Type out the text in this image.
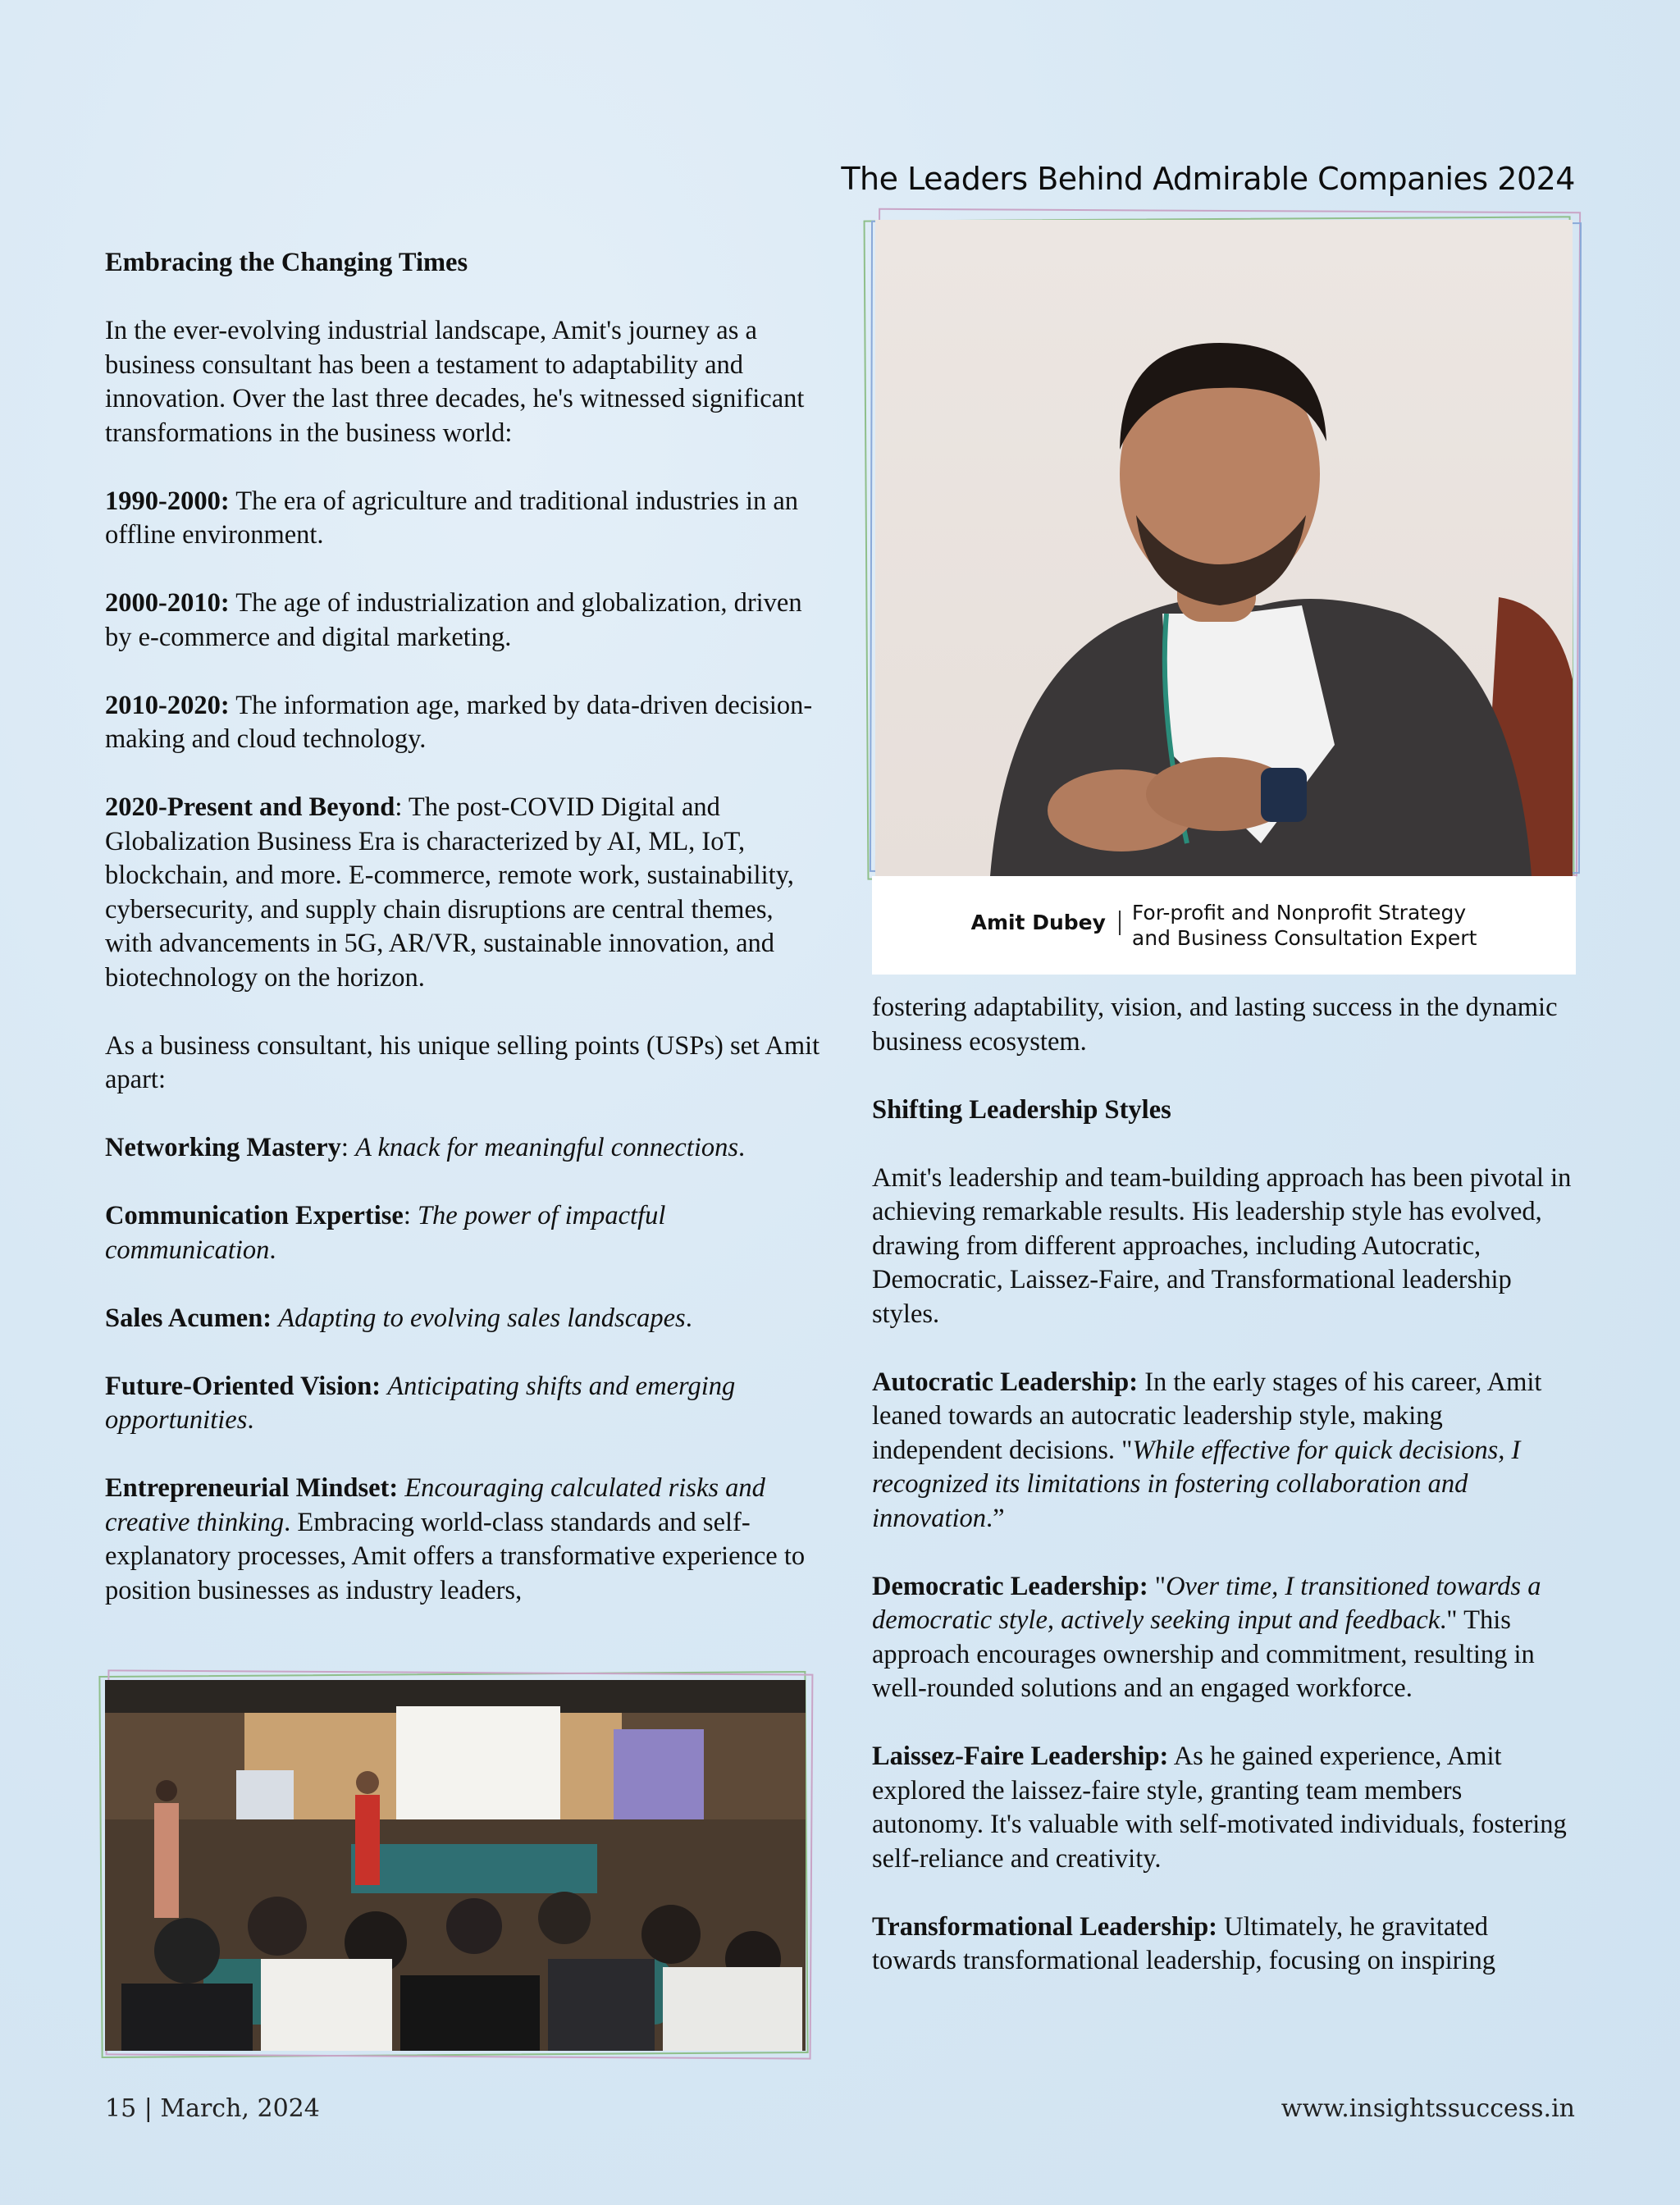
The Leaders Behind Admirable Companies 2024
Embracing the Changing Times

In the ever-evolving industrial landscape, Amit's journey as a business consultant has been a testament to adaptability and innovation. Over the last three decades, he's witnessed significant transformations in the business world:

1990-2000: The era of agriculture and traditional industries in an offline environment.

2000-2010: The age of industrialization and globalization, driven by e-commerce and digital marketing.

2010-2020: The information age, marked by data-driven decision-making and cloud technology.

2020-Present and Beyond: The post-COVID Digital and Globalization Business Era is characterized by AI, ML, IoT, blockchain, and more. E-commerce, remote work, sustainability, cybersecurity, and supply chain disruptions are central themes, with advancements in 5G, AR/VR, sustainable innovation, and biotechnology on the horizon.

As a business consultant, his unique selling points (USPs) set Amit apart:

Networking Mastery: A knack for meaningful connections.

Communication Expertise: The power of impactful communication.

Sales Acumen: Adapting to evolving sales landscapes.

Future-Oriented Vision: Anticipating shifts and emerging opportunities.

Entrepreneurial Mindset: Encouraging calculated risks and creative thinking. Embracing world-class standards and self-explanatory processes, Amit offers a transformative experience to position businesses as industry leaders,

Amit Dubey	For-profit and Nonprofit Strategy
and Business Consultation Expert

fostering adaptability, vision, and lasting success in the dynamic business ecosystem.

Shifting Leadership Styles

Amit's leadership and team-building approach has been pivotal in achieving remarkable results. His leadership style has evolved, drawing from different approaches, including Autocratic, Democratic, Laissez-Faire, and Transformational leadership styles.

Autocratic Leadership: In the early stages of his career, Amit leaned towards an autocratic leadership style, making independent decisions. "While effective for quick decisions, I recognized its limitations in fostering collaboration and innovation.”

Democratic Leadership: "Over time, I transitioned towards a democratic style, actively seeking input and feedback." This approach encourages ownership and commitment, resulting in well-rounded solutions and an engaged workforce.

Laissez-Faire Leadership: As he gained experience, Amit explored the laissez-faire style, granting team members autonomy. It's valuable with self-motivated individuals, fostering self-reliance and creativity.

Transformational Leadership: Ultimately, he gravitated towards transformational leadership, focusing on inspiring

15 | March, 2024	www.insightssuccess.in
